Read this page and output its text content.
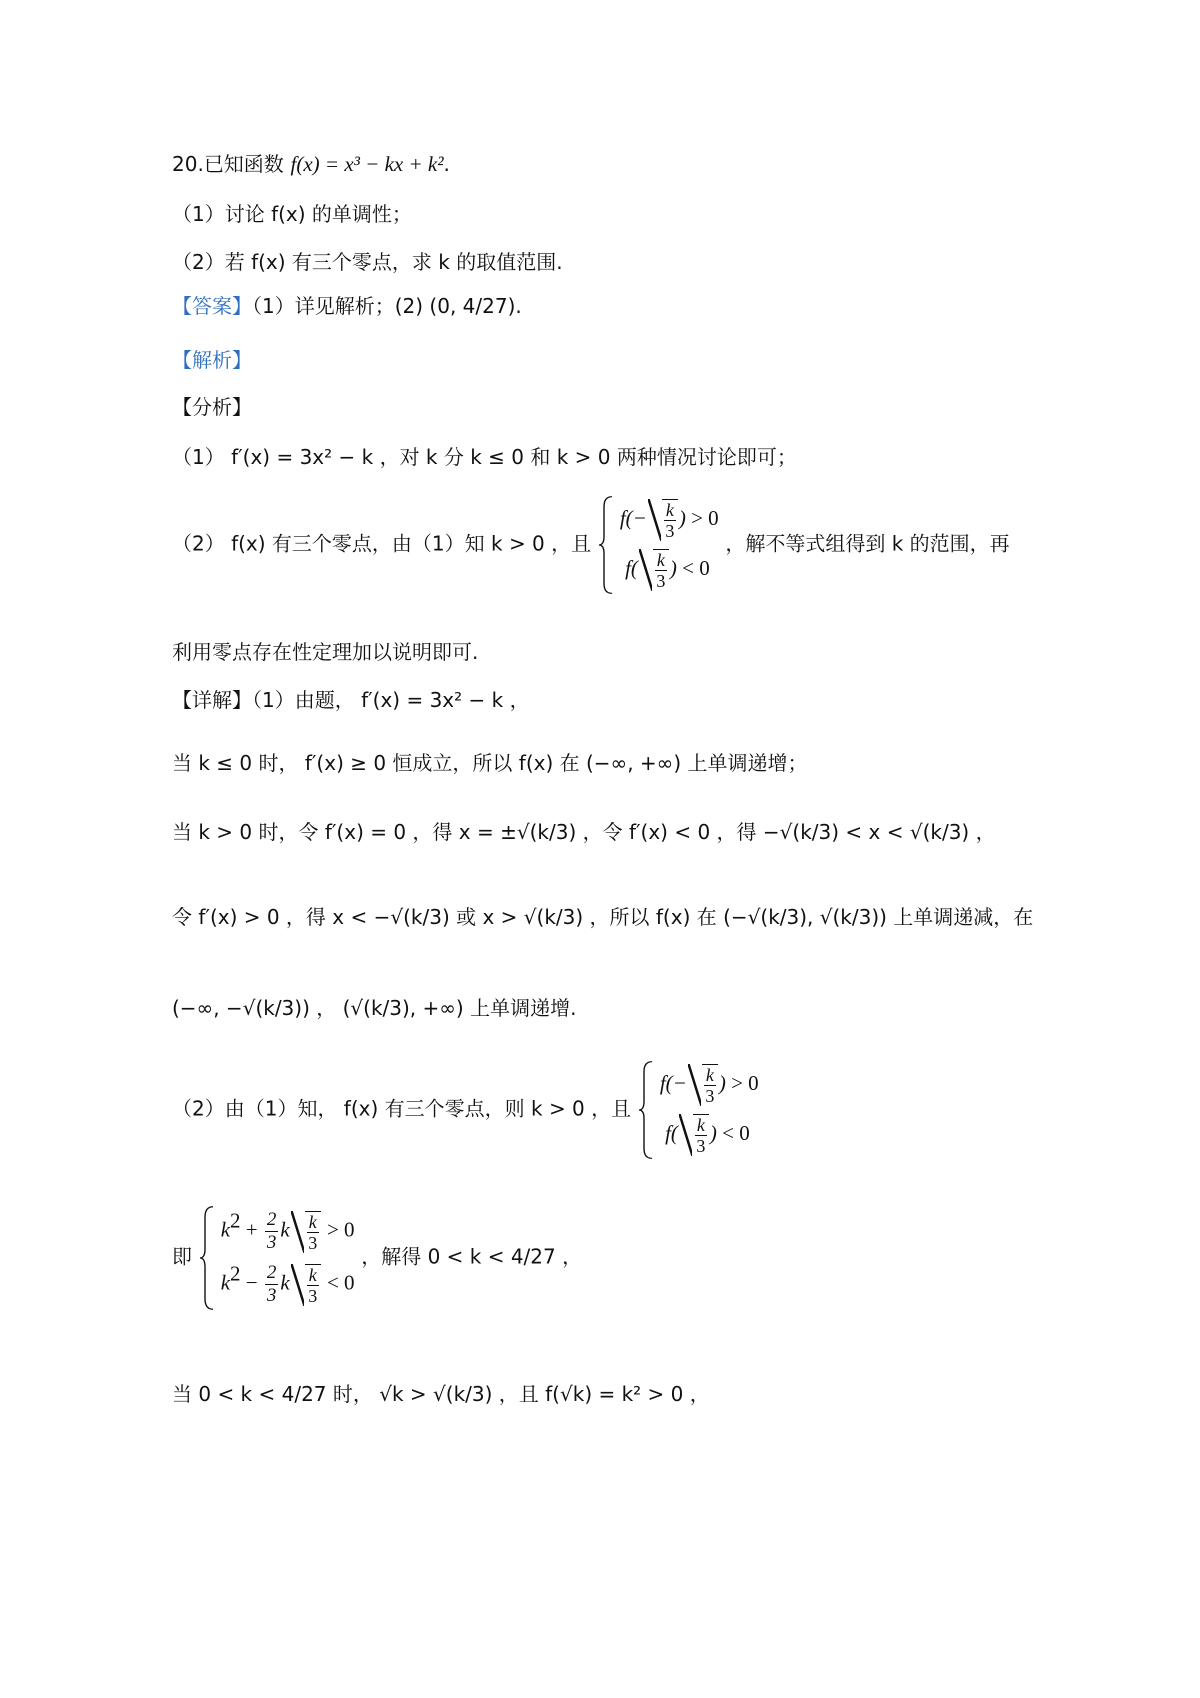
20.已知函数 f(x) = x³ − kx + k².
（1）讨论 f(x) 的单调性；
（2）若 f(x) 有三个零点，求 k 的取值范围.
【答案】（1）详见解析；(2) (0, 4/27).
【解析】
【分析】
（1） f′(x) = 3x² − k ，对 k 分 k ≤ 0 和 k > 0 两种情况讨论即可；
（2） f(x) 有三个零点，由（1）知 k > 0 ，且
$f(- \frac{k}{3}$ ) > 0
$f( \frac{k}{3}$ ) < 0
，解不等式组得到 k 的范围，再
利用零点存在性定理加以说明即可.
【详解】（1）由题， f′(x) = 3x² − k ，
当 k ≤ 0 时， f′(x) ≥ 0 恒成立，所以 f(x) 在 (−∞, +∞) 上单调递增；
当 k > 0 时，令 f′(x) = 0 ，得 x = ±√(k/3) ，令 f′(x) < 0 ，得 −√(k/3) < x < √(k/3) ，
令 f′(x) > 0 ，得 x < −√(k/3) 或 x > √(k/3) ，所以 f(x) 在 (−√(k/3), √(k/3)) 上单调递减，在
(−∞, −√(k/3)) ， (√(k/3), +∞) 上单调递增.
（2）由（1）知， f(x) 有三个零点，则 k > 0 ，且
$f(- \frac{k}{3}$ ) > 0
$f( \frac{k}{3}$ ) < 0
即
$k^2 + \frac{2}{3}$ k $\frac{k}{3} > 0$
$k^2 - \frac{2}{3}$ k $\frac{k}{3} < 0$
，解得 0 < k < 4/27 ，
当 0 < k < 4/27 时， √k > √(k/3) ，且 f(√k) = k² > 0 ，
